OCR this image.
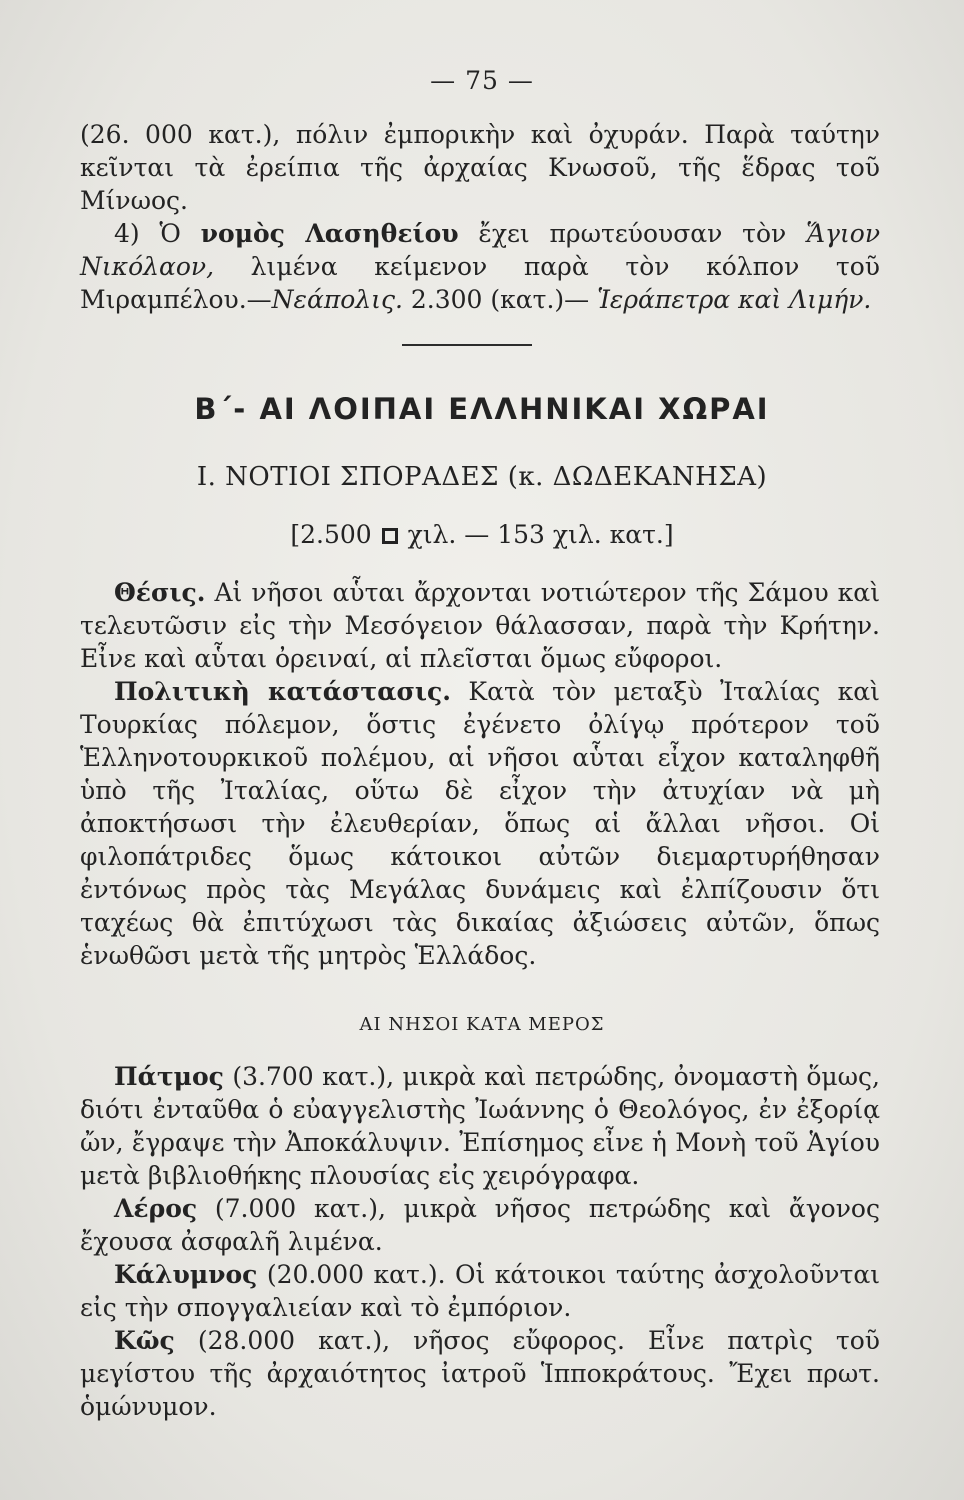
— 75 —
(26. 000 κατ.), πόλιν ἐμπορικὴν καὶ ὀχυράν. Παρὰ ταύτην κεῖνται τὰ ἐρείπια τῆς ἀρχαίας Κνωσοῦ, τῆς ἕδρας τοῦ Μίνωος.
4) Ὁ νομὸς Λασηθείου ἔχει πρωτεύουσαν τὸν Ἅγιον Νικόλαον, λιμένα κείμενον παρὰ τὸν κόλπον τοῦ Μιραμπέλου.—Νεάπολις. 2.300 (κατ.)— Ἱεράπετρα καὶ Λιμήν.
Β΄- ΑΙ ΛΟΙΠΑΙ ΕΛΛΗΝΙΚΑΙ ΧΩΡΑΙ
Ι. ΝΟΤΙΟΙ ΣΠΟΡΑΔΕΣ (κ. ΔΩΔΕΚΑΝΗΣΑ)
[2.500 χιλ. — 153 χιλ. κατ.]
Θέσις. Αἱ νῆσοι αὗται ἄρχονται νοτιώτερον τῆς Σάμου καὶ τελευτῶσιν εἰς τὴν Μεσόγειον θάλασσαν, παρὰ τὴν Κρήτην. Εἶνε καὶ αὗται ὀρειναί, αἱ πλεῖσται ὅμως εὔφοροι.
Πολιτικὴ κατάστασις. Κατὰ τὸν μεταξὺ Ἰταλίας καὶ Τουρκίας πόλεμον, ὅστις ἐγένετο ὀλίγῳ πρότερον τοῦ Ἑλληνοτουρκικοῦ πολέμου, αἱ νῆσοι αὗται εἶχον καταληφθῆ ὑπὸ τῆς Ἰταλίας, οὕτω δὲ εἶχον τὴν ἀτυχίαν νὰ μὴ ἀποκτήσωσι τὴν ἐλευθερίαν, ὅπως αἱ ἄλλαι νῆσοι. Οἱ φιλοπάτριδες ὅμως κάτοικοι αὐτῶν διεμαρτυρήθησαν ἐντόνως πρὸς τὰς Μεγάλας δυνάμεις καὶ ἐλπίζουσιν ὅτι ταχέως θὰ ἐπιτύχωσι τὰς δικαίας ἀξιώσεις αὐτῶν, ὅπως ἑνωθῶσι μετὰ τῆς μητρὸς Ἑλλάδος.
ΑΙ ΝΗΣΟΙ ΚΑΤΑ ΜΕΡΟΣ
Πάτμος (3.700 κατ.), μικρὰ καὶ πετρώδης, ὀνομαστὴ ὅμως, διότι ἐνταῦθα ὁ εὐαγγελιστὴς Ἰωάννης ὁ Θεολόγος, ἐν ἐξορίᾳ ὤν, ἔγραψε τὴν Ἀποκάλυψιν. Ἐπίσημος εἶνε ἡ Μονὴ τοῦ Ἁγίου μετὰ βιβλιοθήκης πλουσίας εἰς χειρόγραφα.
Λέρος (7.000 κατ.), μικρὰ νῆσος πετρώδης καὶ ἄγονος ἔχουσα ἀσφαλῆ λιμένα.
Κάλυμνος (20.000 κατ.). Οἱ κάτοικοι ταύτης ἀσχολοῦνται εἰς τὴν σπογγαλιείαν καὶ τὸ ἐμπόριον.
Κῶς (28.000 κατ.), νῆσος εὔφορος. Εἶνε πατρὶς τοῦ μεγίστου τῆς ἀρχαιότητος ἰατροῦ Ἱπποκράτους. Ἔχει πρωτ. ὁμώνυμον.
